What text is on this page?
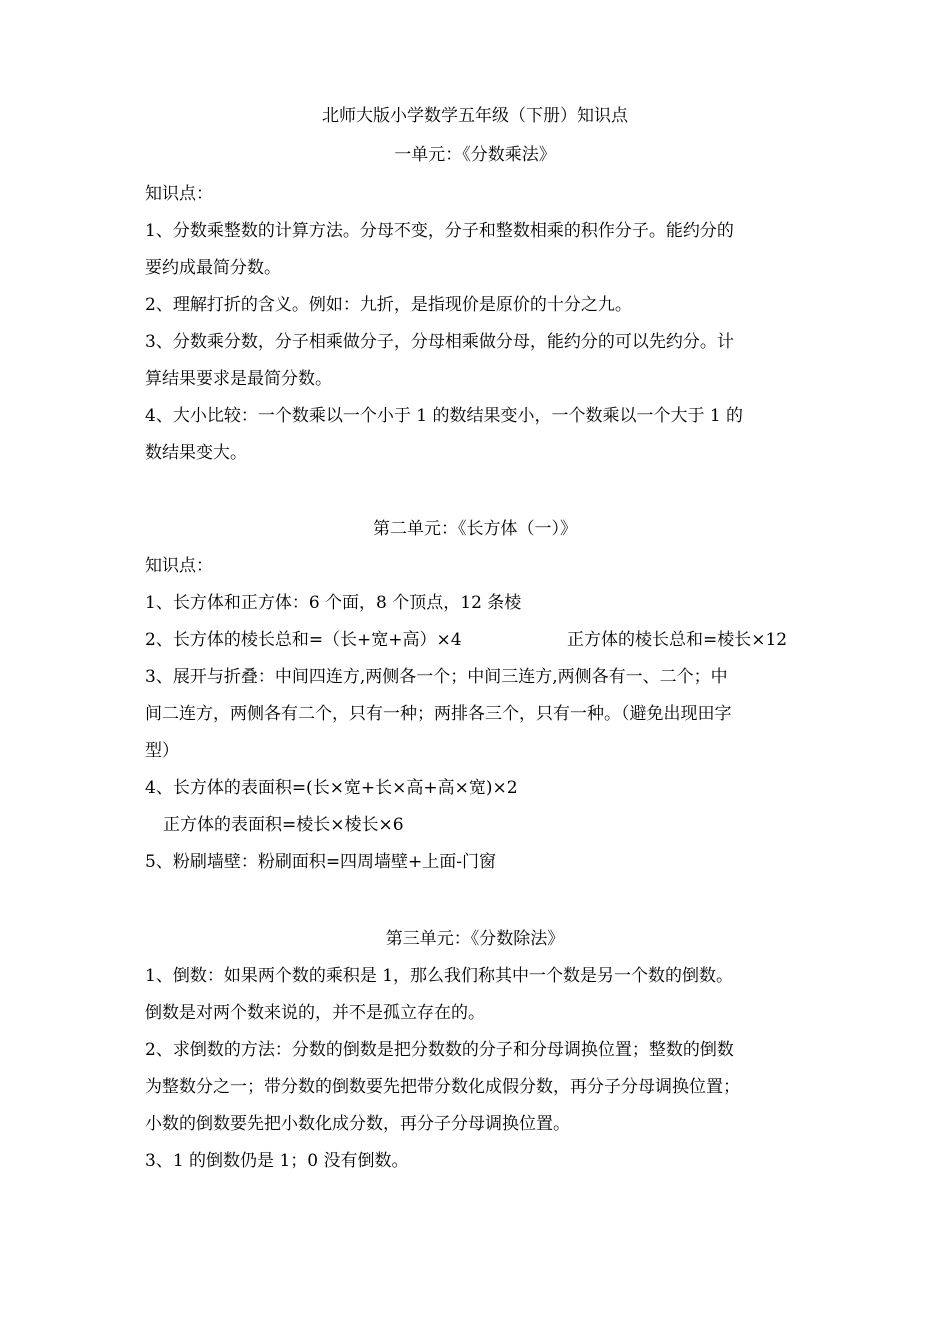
北师大版小学数学五年级（下册）知识点
一单元：《分数乘法》
知识点：
1、分数乘整数的计算方法。分母不变，分子和整数相乘的积作分子。能约分的
要约成最简分数。
2、理解打折的含义。例如：九折，是指现价是原价的十分之九。
3、分数乘分数，分子相乘做分子，分母相乘做分母，能约分的可以先约分。计
算结果要求是最简分数。
4、大小比较：一个数乘以一个小于 1 的数结果变小，一个数乘以一个大于 1 的
数结果变大。
第二单元：《长方体（一）》
知识点：
1、长方体和正方体：6 个面，8 个顶点，12 条棱
2、长方体的棱长总和=（长+宽+高）×4	正方体的棱长总和=棱长×12
3、展开与折叠：中间四连方,两侧各一个；中间三连方,两侧各有一、二个；中
间二连方，两侧各有二个，只有一种；两排各三个，只有一种。（避免出现田字
型）
4、长方体的表面积=(长×宽+长×高+高×宽)×2
正方体的表面积=棱长×棱长×6
5、粉刷墙壁：粉刷面积=四周墙壁+上面-门窗
第三单元：《分数除法》
1、倒数：如果两个数的乘积是 1，那么我们称其中一个数是另一个数的倒数。
倒数是对两个数来说的，并不是孤立存在的。
2、求倒数的方法：分数的倒数是把分数数的分子和分母调换位置；整数的倒数
为整数分之一；带分数的倒数要先把带分数化成假分数，再分子分母调换位置；
小数的倒数要先把小数化成分数，再分子分母调换位置。
3、1 的倒数仍是 1；0 没有倒数。
